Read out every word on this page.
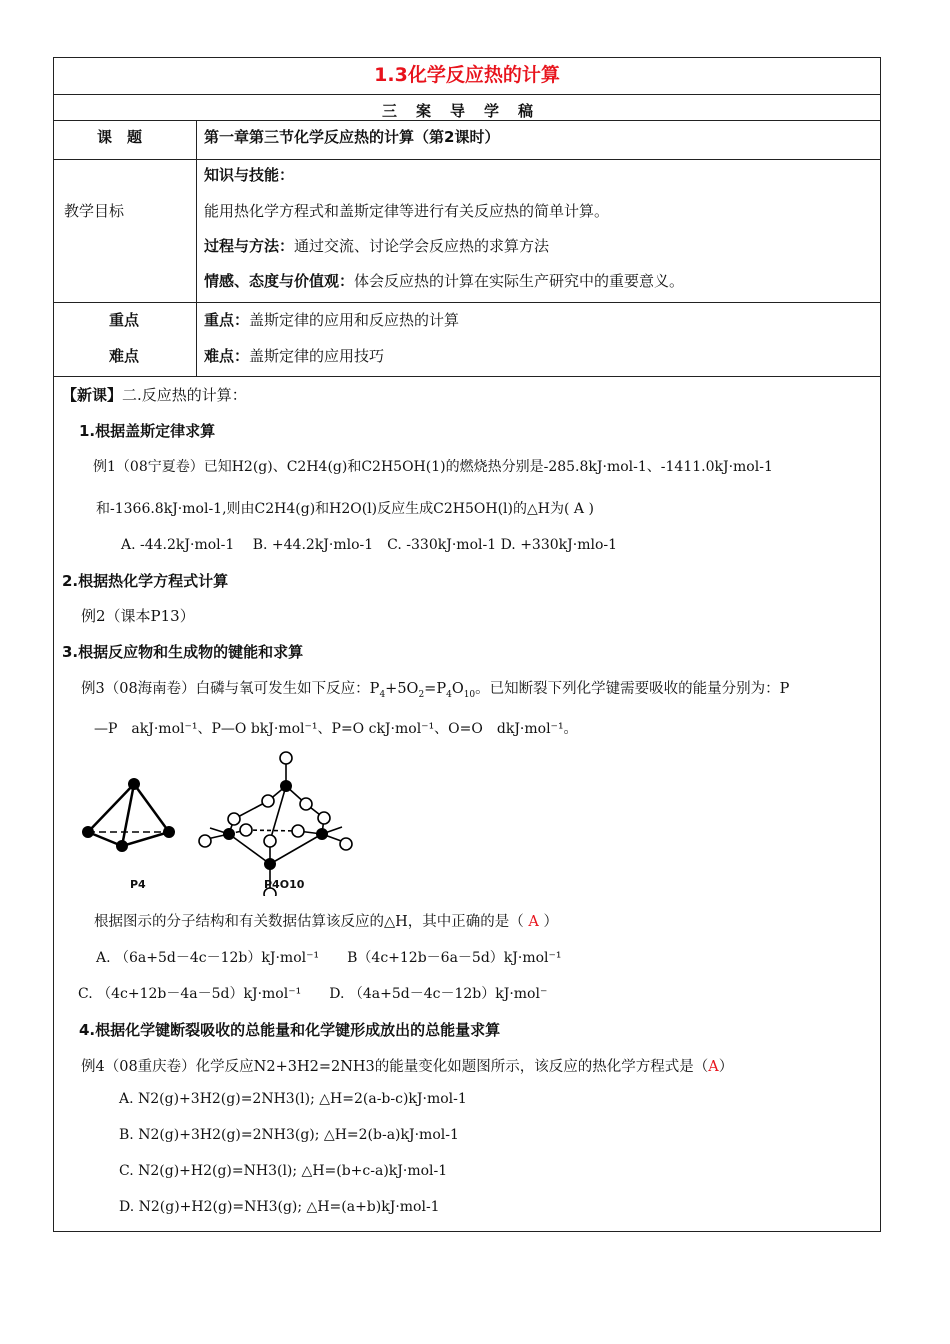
1.3化学反应热的计算
三案导学稿
课　题	第一章第三节化学反应热的计算（第2课时）
教学目标
知识与技能：
能用热化学方程式和盖斯定律等进行有关反应热的简单计算。
过程与方法：通过交流、讨论学会反应热的求算方法
情感、态度与价值观：体会反应热的计算在实际生产研究中的重要意义。
重点
难点
重点：盖斯定律的应用和反应热的计算
难点：盖斯定律的应用技巧
【新课】二.反应热的计算：
1.根据盖斯定律求算
例1（08宁夏卷）已知H2(g)、C2H4(g)和C2H5OH(1)的燃烧热分别是-285.8kJ·mol-1、-1411.0kJ·mol-1
和-1366.8kJ·mol-1,则由C2H4(g)和H2O(l)反应生成C2H5OH(l)的△H为( A )
A. -44.2kJ·mol-1　 B. +44.2kJ·mlo-1　C. -330kJ·mol-1 D. +330kJ·mlo-1
2.根据热化学方程式计算
例2（课本P13）
3.根据反应物和生成物的键能和求算
例3（08海南卷）白磷与氧可发生如下反应：$P_4+5O_2=P_4O_{10}$。已知断裂下列化学键需要吸收的能量分别为：P
—P　akJ·mol⁻¹、P—O bkJ·mol⁻¹、P=O ckJ·mol⁻¹、O=O　dkJ·mol⁻¹。
P4	P4O10
根据图示的分子结构和有关数据估算该反应的△H，其中正确的是（ A ）
A. （6a+5d－4c－12b）kJ·mol⁻¹　　B（4c+12b－6a－5d）kJ·mol⁻¹
C. （4c+12b－4a－5d）kJ·mol⁻¹　　D. （4a+5d－4c－12b）kJ·mol⁻
4.根据化学键断裂吸收的总能量和化学键形成放出的总能量求算
例4（08重庆卷）化学反应N2+3H2=2NH3的能量变化如题图所示，该反应的热化学方程式是（A）
A. N2(g)+3H2(g)=2NH3(l); △H=2(a-b-c)kJ·mol-1
B. N2(g)+3H2(g)=2NH3(g); △H=2(b-a)kJ·mol-1
C. N2(g)+H2(g)=NH3(l); △H=(b+c-a)kJ·mol-1
D. N2(g)+H2(g)=NH3(g); △H=(a+b)kJ·mol-1
